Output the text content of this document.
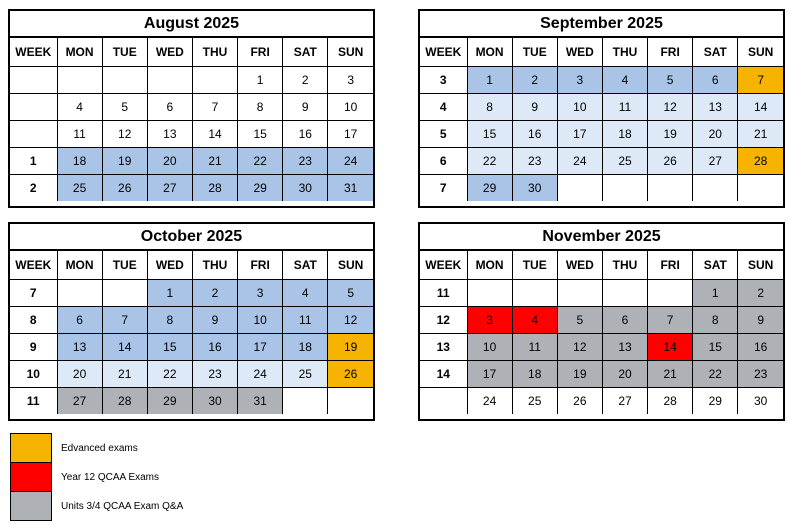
August 2025
WEEK	MON	TUE	WED	THU	FRI	SAT	SUN
					1	2	3
	4	5	6	7	8	9	10
	11	12	13	14	15	16	17
1	18	19	20	21	22	23	24
2	25	26	27	28	29	30	31
September 2025
WEEK	MON	TUE	WED	THU	FRI	SAT	SUN
3	1	2	3	4	5	6	7
4	8	9	10	11	12	13	14
5	15	16	17	18	19	20	21
6	22	23	24	25	26	27	28
7	29	30					
October 2025
WEEK	MON	TUE	WED	THU	FRI	SAT	SUN
7			1	2	3	4	5
8	6	7	8	9	10	11	12
9	13	14	15	16	17	18	19
10	20	21	22	23	24	25	26
11	27	28	29	30	31		
November 2025
WEEK	MON	TUE	WED	THU	FRI	SAT	SUN
11						1	2
12	3	4	5	6	7	8	9
13	10	11	12	13	14	15	16
14	17	18	19	20	21	22	23
	24	25	26	27	28	29	30
Edvanced exams
Year 12 QCAA Exams
Units 3/4 QCAA Exam Q&A
